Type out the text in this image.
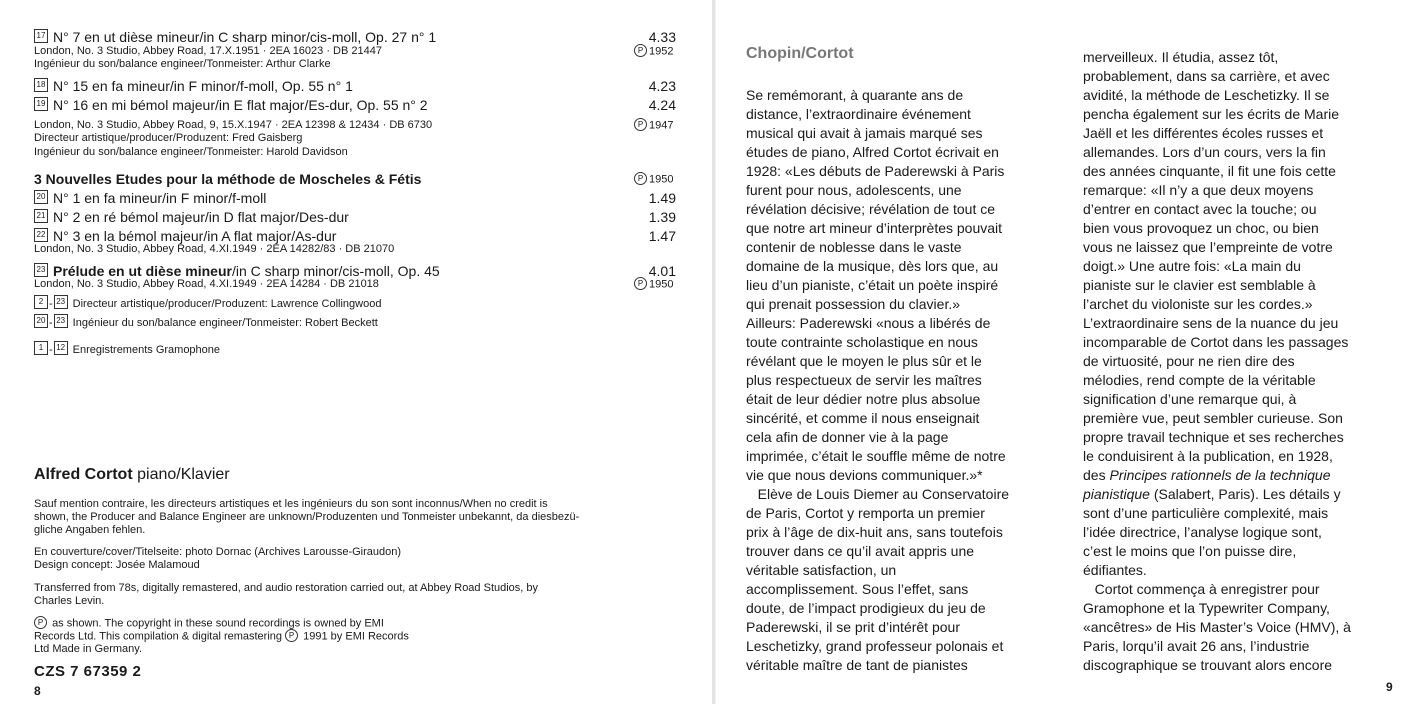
17 N° 7 en ut dièse mineur/in C sharp minor/cis-moll, Op. 27 n° 1	4.33
London, No. 3 Studio, Abbey Road, 17.X.1951 · 2EA 16023 · DB 21447
Ingénieur du son/balance engineer/Tonmeister: Arthur Clarke
P 1952
18 N° 15 en fa mineur/in F minor/f-moll, Op. 55 n° 1	4.23
19 N° 16 en mi bémol majeur/in E flat major/Es-dur, Op. 55 n° 2	4.24
London, No. 3 Studio, Abbey Road, 9, 15.X.1947 · 2EA 12398 & 12434 · DB 6730
Directeur artistique/producer/Produzent: Fred Gaisberg
Ingénieur du son/balance engineer/Tonmeister: Harold Davidson
P 1947
3 Nouvelles Etudes pour la méthode de Moscheles & Fétis	P 1950
20 N° 1 en fa mineur/in F minor/f-moll	1.49
21 N° 2 en ré bémol majeur/in D flat major/Des-dur	1.39
22 N° 3 en la bémol majeur/in A flat major/As-dur	1.47
London, No. 3 Studio, Abbey Road, 4.XI.1949 · 2EA 14282/83 · DB 21070
23 Prélude en ut dièse mineur/in C sharp minor/cis-moll, Op. 45	4.01
London, No. 3 Studio, Abbey Road, 4.XI.1949 · 2EA 14284 · DB 21018	P 1950
2 - 23 Directeur artistique/producer/Produzent: Lawrence Collingwood
20 - 23 Ingénieur du son/balance engineer/Tonmeister: Robert Beckett
1 - 12 Enregistrements Gramophone
Alfred Cortot piano/Klavier
Sauf mention contraire, les directeurs artistiques et les ingénieurs du son sont inconnus/When no credit is
shown, the Producer and Balance Engineer are unknown/Produzenten und Tonmeister unbekannt, da diesbezü-
gliche Angaben fehlen.
En couverture/cover/Titelseite: photo Dornac (Archives Larousse-Giraudon)
Design concept: Josée Malamoud
Transferred from 78s, digitally remastered, and audio restoration carried out, at Abbey Road Studios, by
Charles Levin.
P as shown. The copyright in these sound recordings is owned by EMI
Records Ltd. This compilation & digital remastering P 1991 by EMI Records
Ltd Made in Germany.
CZS 7 67359 2
8
Chopin/Cortot

Se remémorant, à quarante ans de

distance, l’extraordinaire événement

musical qui avait à jamais marqué ses

études de piano, Alfred Cortot écrivait en

1928: «Les débuts de Paderewski à Paris

furent pour nous, adolescents, une

révélation décisive; révélation de tout ce

que notre art mineur d’interprètes pouvait

contenir de noblesse dans le vaste

domaine de la musique, dès lors que, au

lieu d’un pianiste, c’était un poète inspiré

qui prenait possession du clavier.»

Ailleurs: Paderewski «nous a libérés de

toute contrainte scholastique en nous

révélant que le moyen le plus sûr et le

plus respectueux de servir les maîtres

était de leur dédier notre plus absolue

sincérité, et comme il nous enseignait

cela afin de donner vie à la page

imprimée, c’était le souffle même de notre

vie que nous devions communiquer.»*

Elève de Louis Diemer au Conservatoire

de Paris, Cortot y remporta un premier

prix à l’âge de dix-huit ans, sans toutefois

trouver dans ce qu’il avait appris une

véritable satisfaction, un

accomplissement. Sous l’effet, sans

doute, de l’impact prodigieux du jeu de

Paderewski, il se prit d’intérêt pour

Leschetizky, grand professeur polonais et

véritable maître de tant de pianistes

merveilleux. Il étudia, assez tôt,

probablement, dans sa carrière, et avec

avidité, la méthode de Leschetizky. Il se

pencha également sur les écrits de Marie

Jaëll et les différentes écoles russes et

allemandes. Lors d’un cours, vers la fin

des années cinquante, il fit une fois cette

remarque: «Il n’y a que deux moyens

d’entrer en contact avec la touche; ou

bien vous provoquez un choc, ou bien

vous ne laissez que l’empreinte de votre

doigt.» Une autre fois: «La main du

pianiste sur le clavier est semblable à

l’archet du violoniste sur les cordes.»

L’extraordinaire sens de la nuance du jeu

incomparable de Cortot dans les passages

de virtuosité, pour ne rien dire des

mélodies, rend compte de la véritable

signification d’une remarque qui, à

première vue, peut sembler curieuse. Son

propre travail technique et ses recherches

le conduisirent à la publication, en 1928,

des Principes rationnels de la technique

pianistique (Salabert, Paris). Les détails y

sont d’une particulière complexité, mais

l’idée directrice, l’analyse logique sont,

c’est le moins que l’on puisse dire,

édifiantes.

Cortot commença à enregistrer pour

Gramophone et la Typewriter Company,

«ancêtres» de His Master’s Voice (HMV), à

Paris, lorqu’il avait 26 ans, l’industrie

discographique se trouvant alors encore

9
